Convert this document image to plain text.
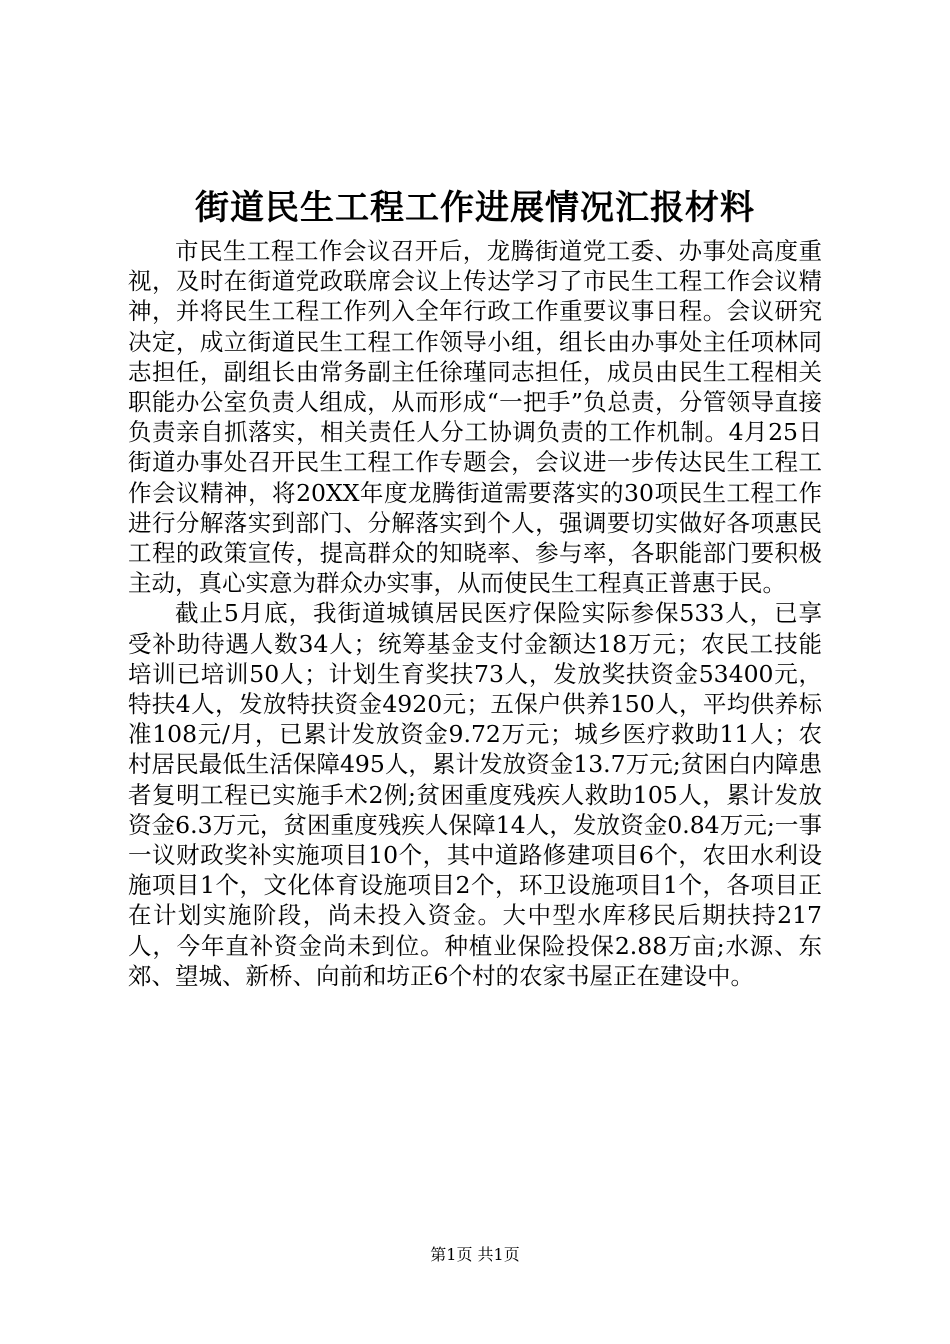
街道民生工程工作进展情况汇报材料

市民生工程工作会议召开后，龙腾街道党工委、办事处高度重视，及时在街道党政联席会议上传达学习了市民生工程工作会议精神，并将民生工程工作列入全年行政工作重要议事日程。会议研究决定，成立街道民生工程工作领导小组，组长由办事处主任项林同志担任，副组长由常务副主任徐瑾同志担任，成员由民生工程相关职能办公室负责人组成，从而形成“一把手”负总责，分管领导直接负责亲自抓落实，相关责任人分工协调负责的工作机制。4月25日街道办事处召开民生工程工作专题会，会议进一步传达民生工程工作会议精神，将20XX年度龙腾街道需要落实的30项民生工程工作进行分解落实到部门、分解落实到个人，强调要切实做好各项惠民工程的政策宣传，提高群众的知晓率、参与率，各职能部门要积极主动，真心实意为群众办实事，从而使民生工程真正普惠于民。

截止5月底，我街道城镇居民医疗保险实际参保533人，已享受补助待遇人数34人；统筹基金支付金额达18万元；农民工技能培训已培训50人；计划生育奖扶73人，发放奖扶资金53400元，特扶4人，发放特扶资金4920元；五保户供养150人，平均供养标准108元/月，已累计发放资金9.72万元；城乡医疗救助11人；农村居民最低生活保障495人，累计发放资金13.7万元;贫困白内障患者复明工程已实施手术2例;贫困重度残疾人救助105人，累计发放资金6.3万元，贫困重度残疾人保障14人，发放资金0.84万元;一事一议财政奖补实施项目10个，其中道路修建项目6个，农田水利设施项目1个，文化体育设施项目2个，环卫设施项目1个，各项目正在计划实施阶段，尚未投入资金。大中型水库移民后期扶持217人，今年直补资金尚未到位。种植业保险投保2.88万亩;水源、东郊、望城、新桥、向前和坊正6个村的农家书屋正在建设中。

第1页 共1页
